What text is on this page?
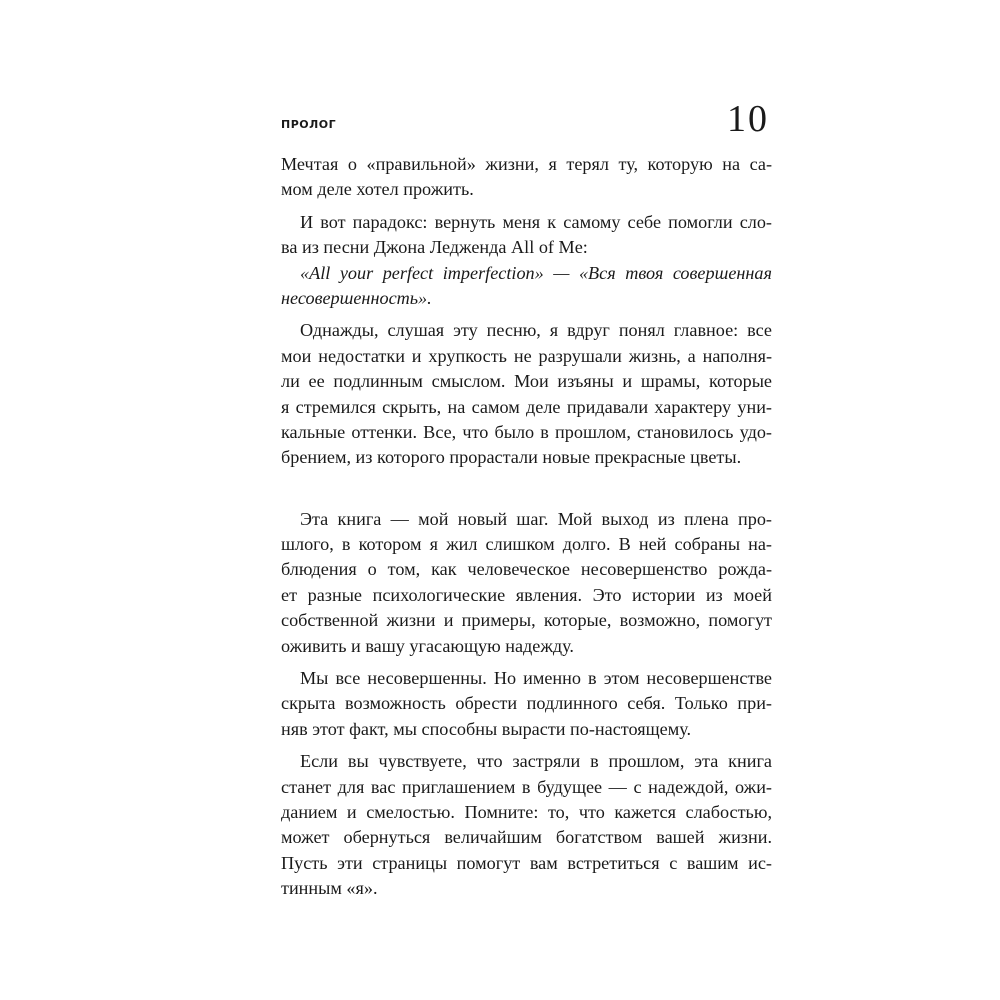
ПРОЛОГ	10
Мечтая о «правильной» жизни, я терял ту, которую на са-
мом деле хотел прожить.
И вот парадокс: вернуть меня к самому себе помогли сло-
ва из песни Джона Ледженда All of Me:
«All your perfect imperfection» — «Вся твоя совершенная
несовершенность».
Однажды, слушая эту песню, я вдруг понял главное: все
мои недостатки и хрупкость не разрушали жизнь, а наполня-
ли ее подлинным смыслом. Мои изъяны и шрамы, которые
я стремился скрыть, на самом деле придавали характеру уни-
кальные оттенки. Все, что было в прошлом, становилось удо-
брением, из которого прорастали новые прекрасные цветы.
Эта книга — мой новый шаг. Мой выход из плена про-
шлого, в котором я жил слишком долго. В ней собраны на-
блюдения о том, как человеческое несовершенство рожда-
ет разные психологические явления. Это истории из моей
собственной жизни и примеры, которые, возможно, помогут
оживить и вашу угасающую надежду.
Мы все несовершенны. Но именно в этом несовершенстве
скрыта возможность обрести подлинного себя. Только при-
няв этот факт, мы способны вырасти по-настоящему.
Если вы чувствуете, что застряли в прошлом, эта книга
станет для вас приглашением в будущее — с надеждой, ожи-
данием и смелостью. Помните: то, что кажется слабостью,
может обернуться величайшим богатством вашей жизни.
Пусть эти страницы помогут вам встретиться с вашим ис-
тинным «я».
